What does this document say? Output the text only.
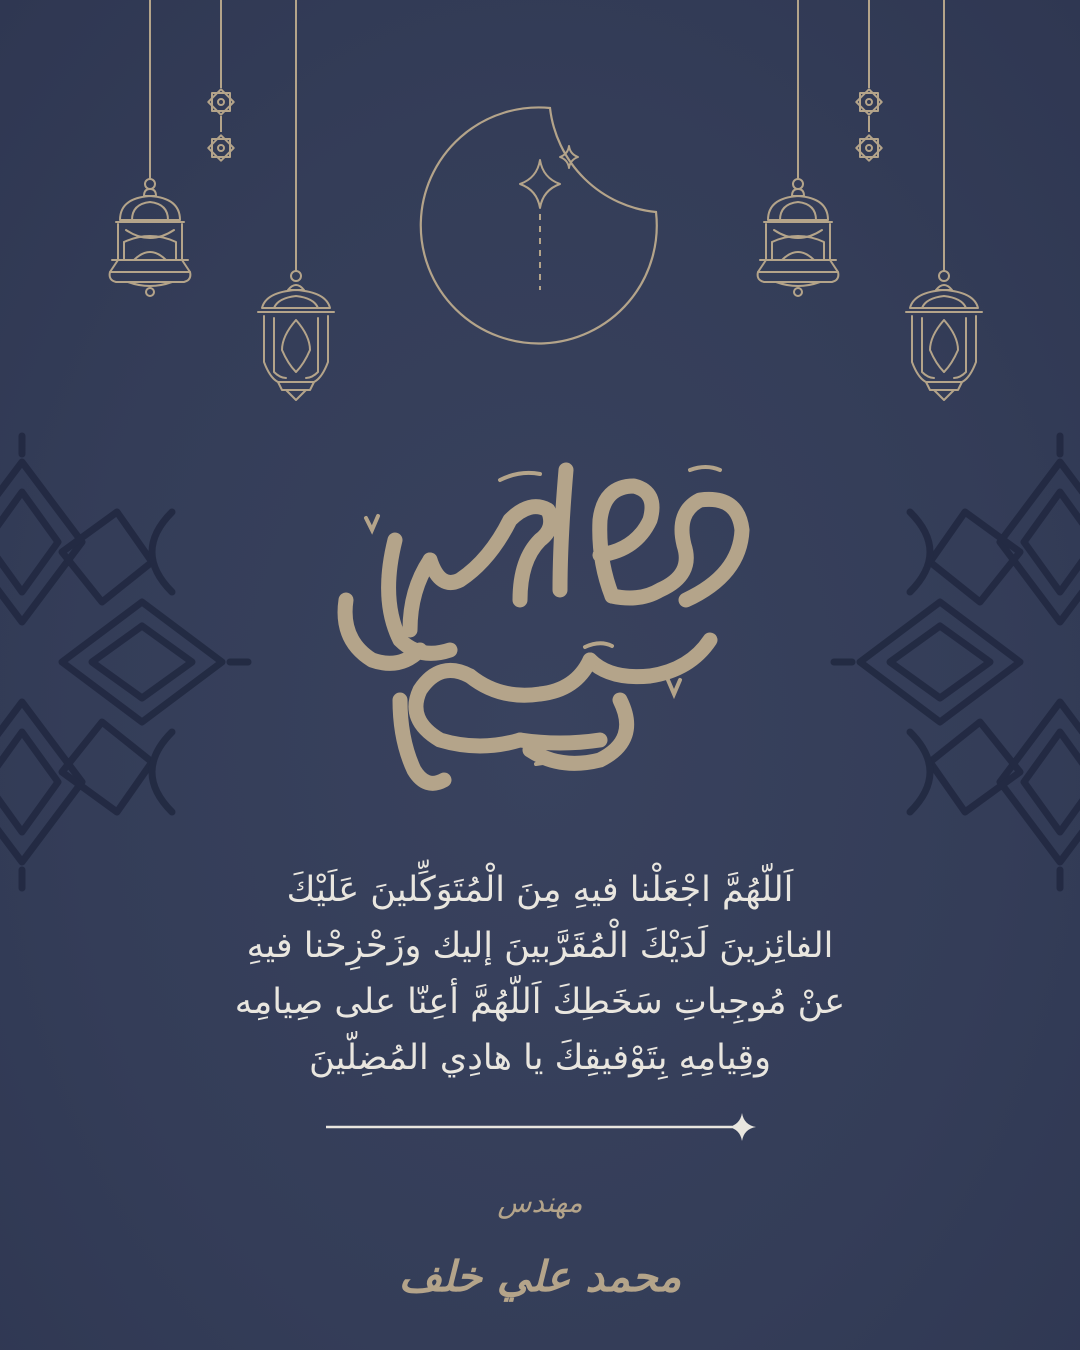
اَللّهُمَّ اجْعَلْنا فيهِ مِنَ الْمُتَوَكِّلينَ عَلَيْكَ
الفائِزينَ لَدَيْكَ الْمُقَرَّبينَ إليك وزَحْزِحْنا فيهِ
عنْ مُوجِباتِ سَخَطِكَ اَللّهُمَّ أعِنّا على صِيامِه
وقِيامِهِ بِتَوْفيقِكَ يا هادِي المُضِلّينَ
مهندس
محمد علي خلف
